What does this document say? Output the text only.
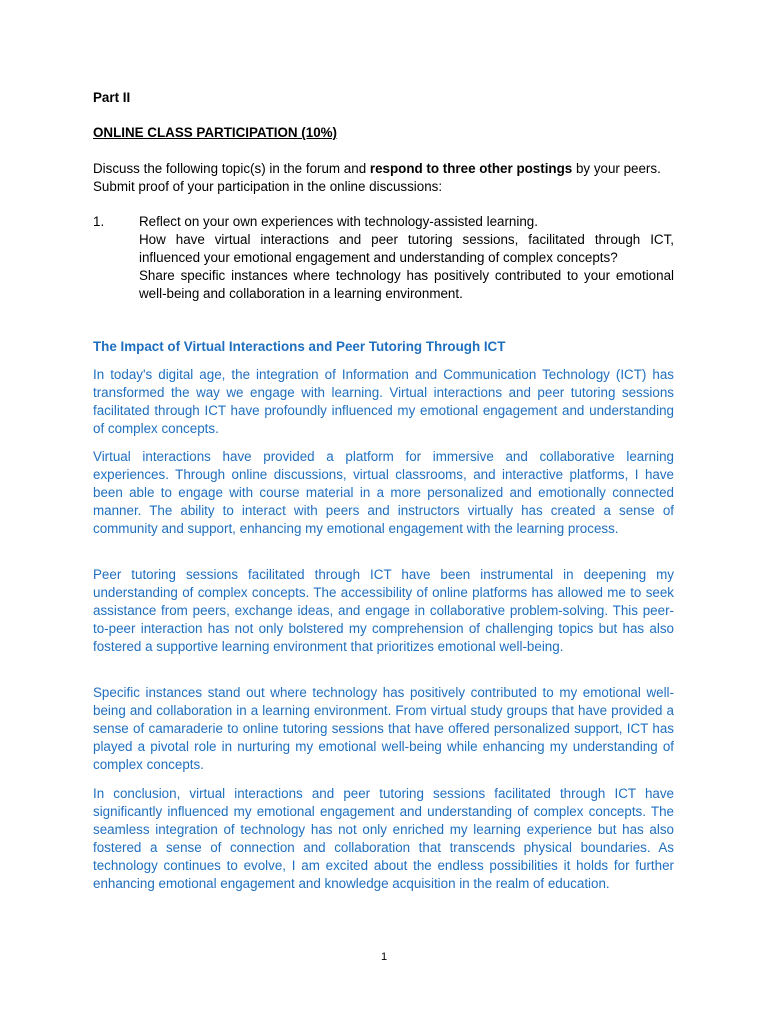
Part II

ONLINE CLASS PARTICIPATION (10%)

Discuss the following topic(s) in the forum and respond to three other postings by your peers. Submit proof of your participation in the online discussions:

1.	Reflect on your own experiences with technology-assisted learning.

How have virtual interactions and peer tutoring sessions, facilitated through ICT, influenced your emotional engagement and understanding of complex concepts?

Share specific instances where technology has positively contributed to your emotional well-being and collaboration in a learning environment.

The Impact of Virtual Interactions and Peer Tutoring Through ICT

In today's digital age, the integration of Information and Communication Technology (ICT) has transformed the way we engage with learning. Virtual interactions and peer tutoring sessions facilitated through ICT have profoundly influenced my emotional engagement and understanding of complex concepts.

Virtual interactions have provided a platform for immersive and collaborative learning experiences. Through online discussions, virtual classrooms, and interactive platforms, I have been able to engage with course material in a more personalized and emotionally connected manner. The ability to interact with peers and instructors virtually has created a sense of community and support, enhancing my emotional engagement with the learning process.

Peer tutoring sessions facilitated through ICT have been instrumental in deepening my understanding of complex concepts. The accessibility of online platforms has allowed me to seek assistance from peers, exchange ideas, and engage in collaborative problem-solving. This peer-to-peer interaction has not only bolstered my comprehension of challenging topics but has also fostered a supportive learning environment that prioritizes emotional well-being.

Specific instances stand out where technology has positively contributed to my emotional well-being and collaboration in a learning environment. From virtual study groups that have provided a sense of camaraderie to online tutoring sessions that have offered personalized support, ICT has played a pivotal role in nurturing my emotional well-being while enhancing my understanding of complex concepts.

In conclusion, virtual interactions and peer tutoring sessions facilitated through ICT have significantly influenced my emotional engagement and understanding of complex concepts. The seamless integration of technology has not only enriched my learning experience but has also fostered a sense of connection and collaboration that transcends physical boundaries. As technology continues to evolve, I am excited about the endless possibilities it holds for further enhancing emotional engagement and knowledge acquisition in the realm of education.

1
